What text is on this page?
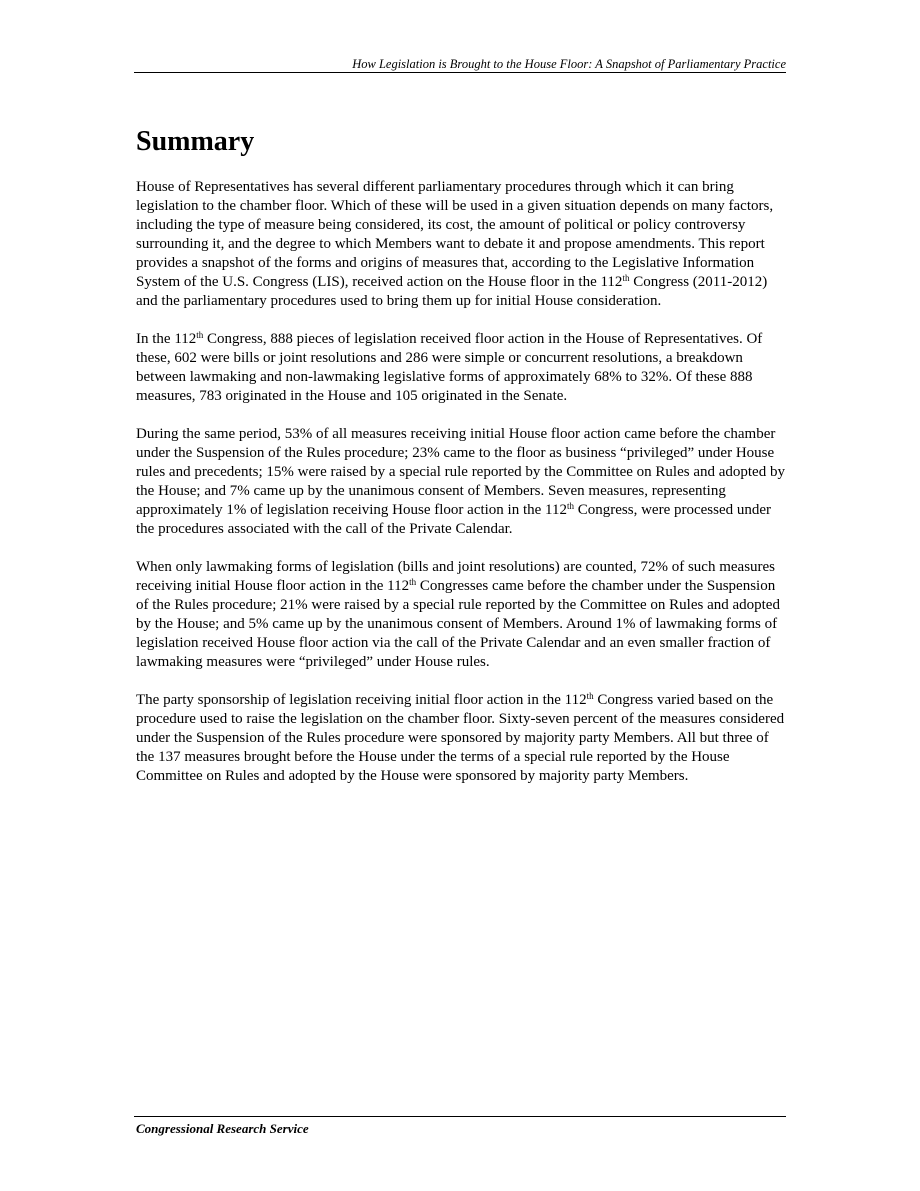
How Legislation is Brought to the House Floor: A Snapshot of Parliamentary Practice
Summary

House of Representatives has several different parliamentary procedures through which it can bring legislation to the chamber floor. Which of these will be used in a given situation depends on many factors, including the type of measure being considered, its cost, the amount of political or policy controversy surrounding it, and the degree to which Members want to debate it and propose amendments. This report provides a snapshot of the forms and origins of measures that, according to the Legislative Information System of the U.S. Congress (LIS), received action on the House floor in the 112th Congress (2011-2012) and the parliamentary procedures used to bring them up for initial House consideration.

In the 112th Congress, 888 pieces of legislation received floor action in the House of Representatives. Of these, 602 were bills or joint resolutions and 286 were simple or concurrent resolutions, a breakdown between lawmaking and non-lawmaking legislative forms of approximately 68% to 32%. Of these 888 measures, 783 originated in the House and 105 originated in the Senate.

During the same period, 53% of all measures receiving initial House floor action came before the chamber under the Suspension of the Rules procedure; 23% came to the floor as business “privileged” under House rules and precedents; 15% were raised by a special rule reported by the Committee on Rules and adopted by the House; and 7% came up by the unanimous consent of Members. Seven measures, representing approximately 1% of legislation receiving House floor action in the 112th Congress, were processed under the procedures associated with the call of the Private Calendar.

When only lawmaking forms of legislation (bills and joint resolutions) are counted, 72% of such measures receiving initial House floor action in the 112th Congresses came before the chamber under the Suspension of the Rules procedure; 21% were raised by a special rule reported by the Committee on Rules and adopted by the House; and 5% came up by the unanimous consent of Members. Around 1% of lawmaking forms of legislation received House floor action via the call of the Private Calendar and an even smaller fraction of lawmaking measures were “privileged” under House rules.

The party sponsorship of legislation receiving initial floor action in the 112th Congress varied based on the procedure used to raise the legislation on the chamber floor. Sixty-seven percent of the measures considered under the Suspension of the Rules procedure were sponsored by majority party Members. All but three of the 137 measures brought before the House under the terms of a special rule reported by the House Committee on Rules and adopted by the House were sponsored by majority party Members.

Congressional Research Service
